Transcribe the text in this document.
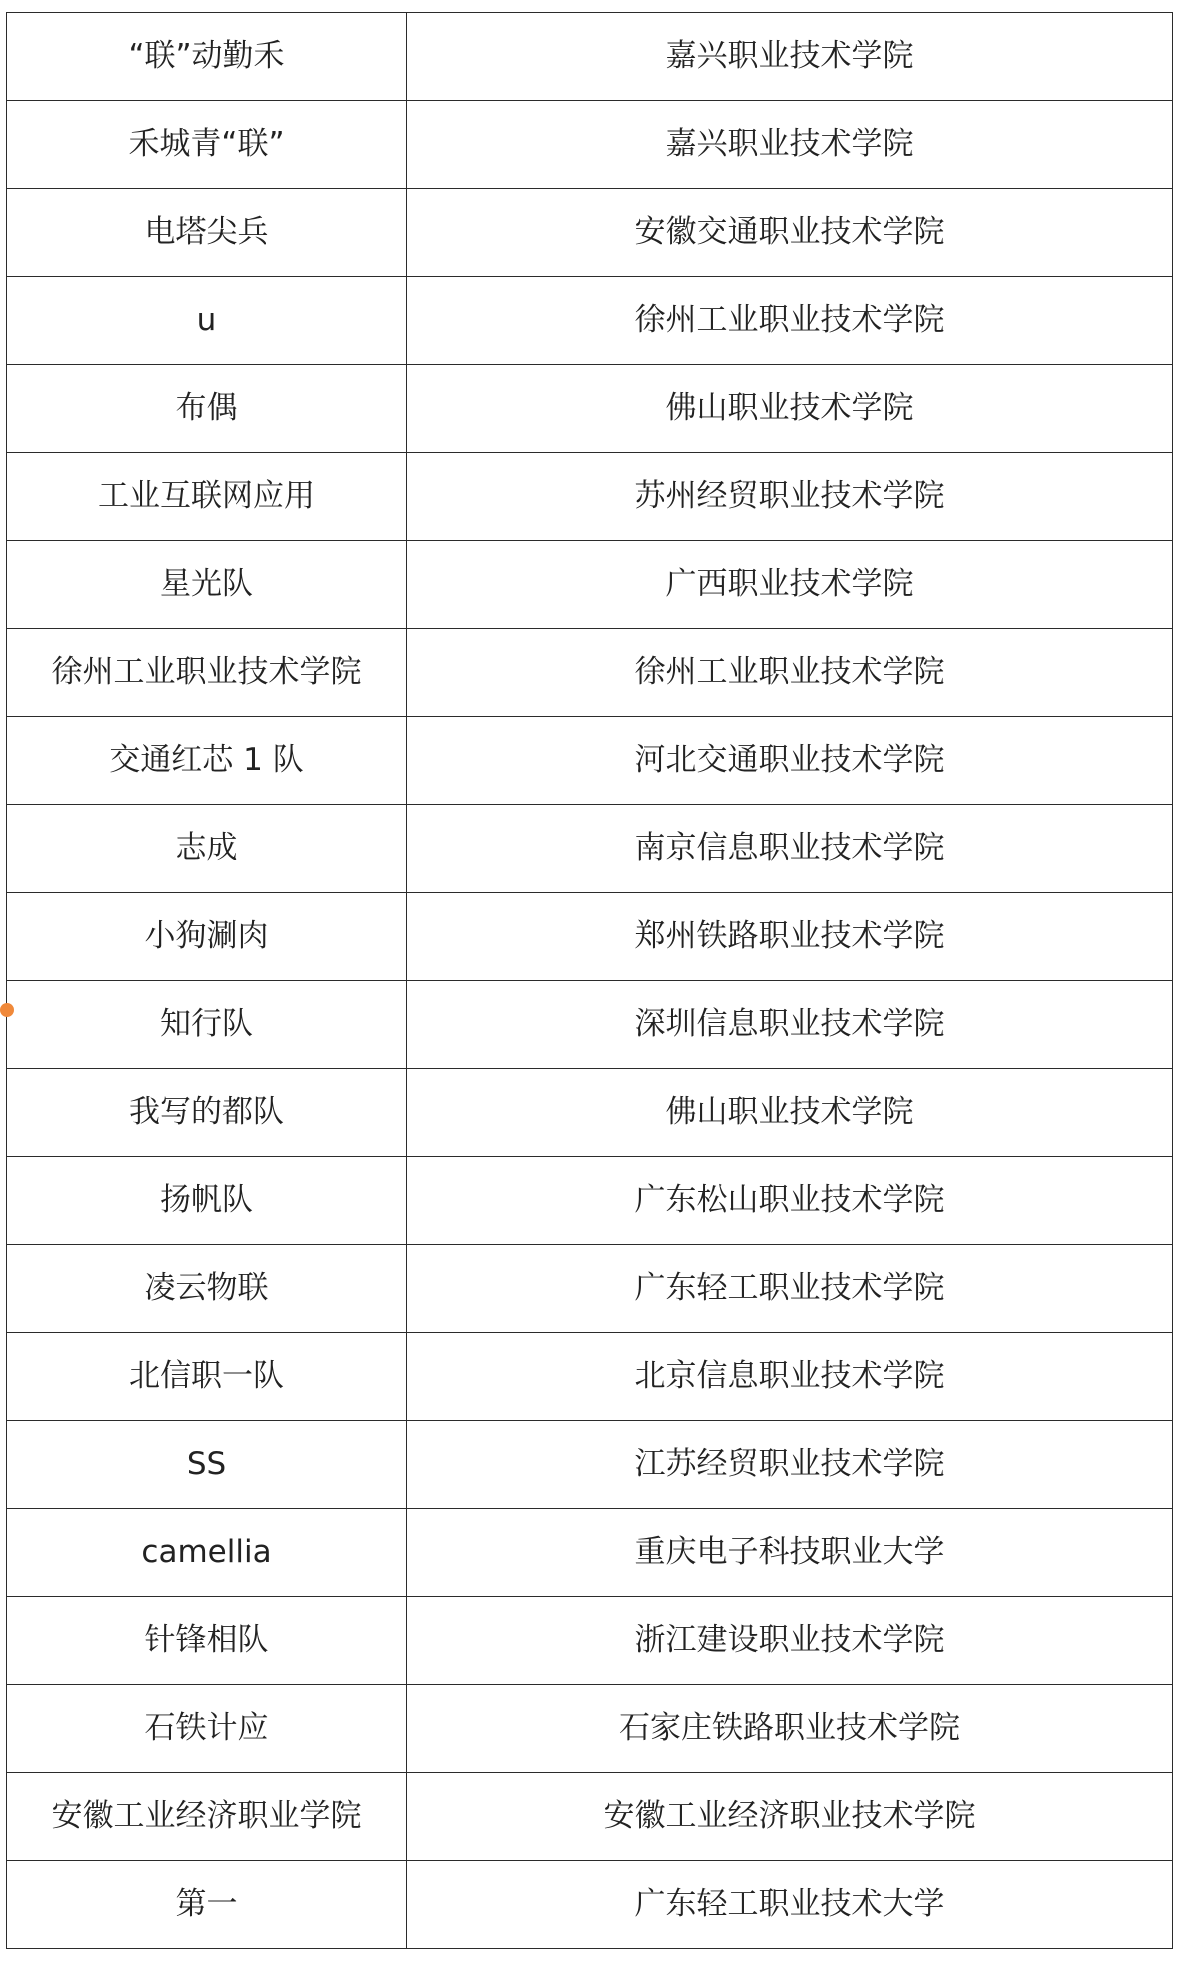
“联”动勤禾	嘉兴职业技术学院
禾城青“联”	嘉兴职业技术学院
电塔尖兵	安徽交通职业技术学院
u	徐州工业职业技术学院
布偶	佛山职业技术学院
工业互联网应用	苏州经贸职业技术学院
星光队	广西职业技术学院
徐州工业职业技术学院	徐州工业职业技术学院
交通红芯 1 队	河北交通职业技术学院
志成	南京信息职业技术学院
小狗涮肉	郑州铁路职业技术学院
知行队	深圳信息职业技术学院
我写的都队	佛山职业技术学院
扬帆队	广东松山职业技术学院
凌云物联	广东轻工职业技术学院
北信职一队	北京信息职业技术学院
SS	江苏经贸职业技术学院
camellia	重庆电子科技职业大学
针锋相队	浙江建设职业技术学院
石铁计应	石家庄铁路职业技术学院
安徽工业经济职业学院	安徽工业经济职业技术学院
第一	广东轻工职业技术大学
